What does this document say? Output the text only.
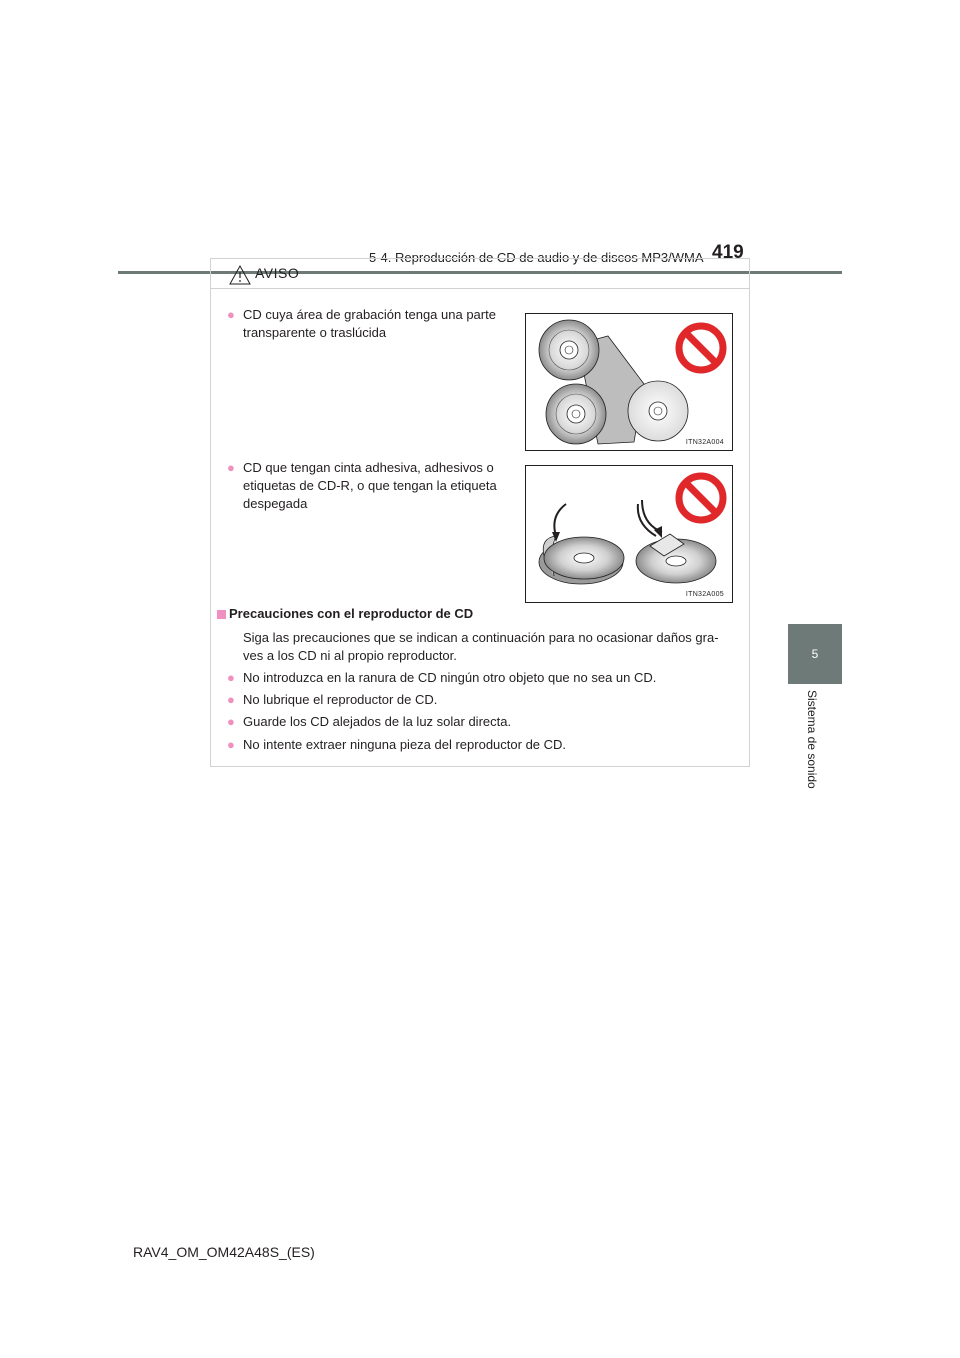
5-4. Reproducción de CD de audio y de discos MP3/WMA 419
5
Sistema de sonido
AVISO
● CD cuya área de grabación tenga una parte
transparente o traslúcida
ITN32A004
● CD que tengan cinta adhesiva, adhesivos o
etiquetas de CD-R, o que tengan la etiqueta
despegada
ITN32A005
Precauciones con el reproductor de CD
Siga las precauciones que se indican a continuación para no ocasionar daños gra-
ves a los CD ni al propio reproductor.
● No introduzca en la ranura de CD ningún otro objeto que no sea un CD.
● No lubrique el reproductor de CD.
● Guarde los CD alejados de la luz solar directa.
● No intente extraer ninguna pieza del reproductor de CD.
RAV4_OM_OM42A48S_(ES)
